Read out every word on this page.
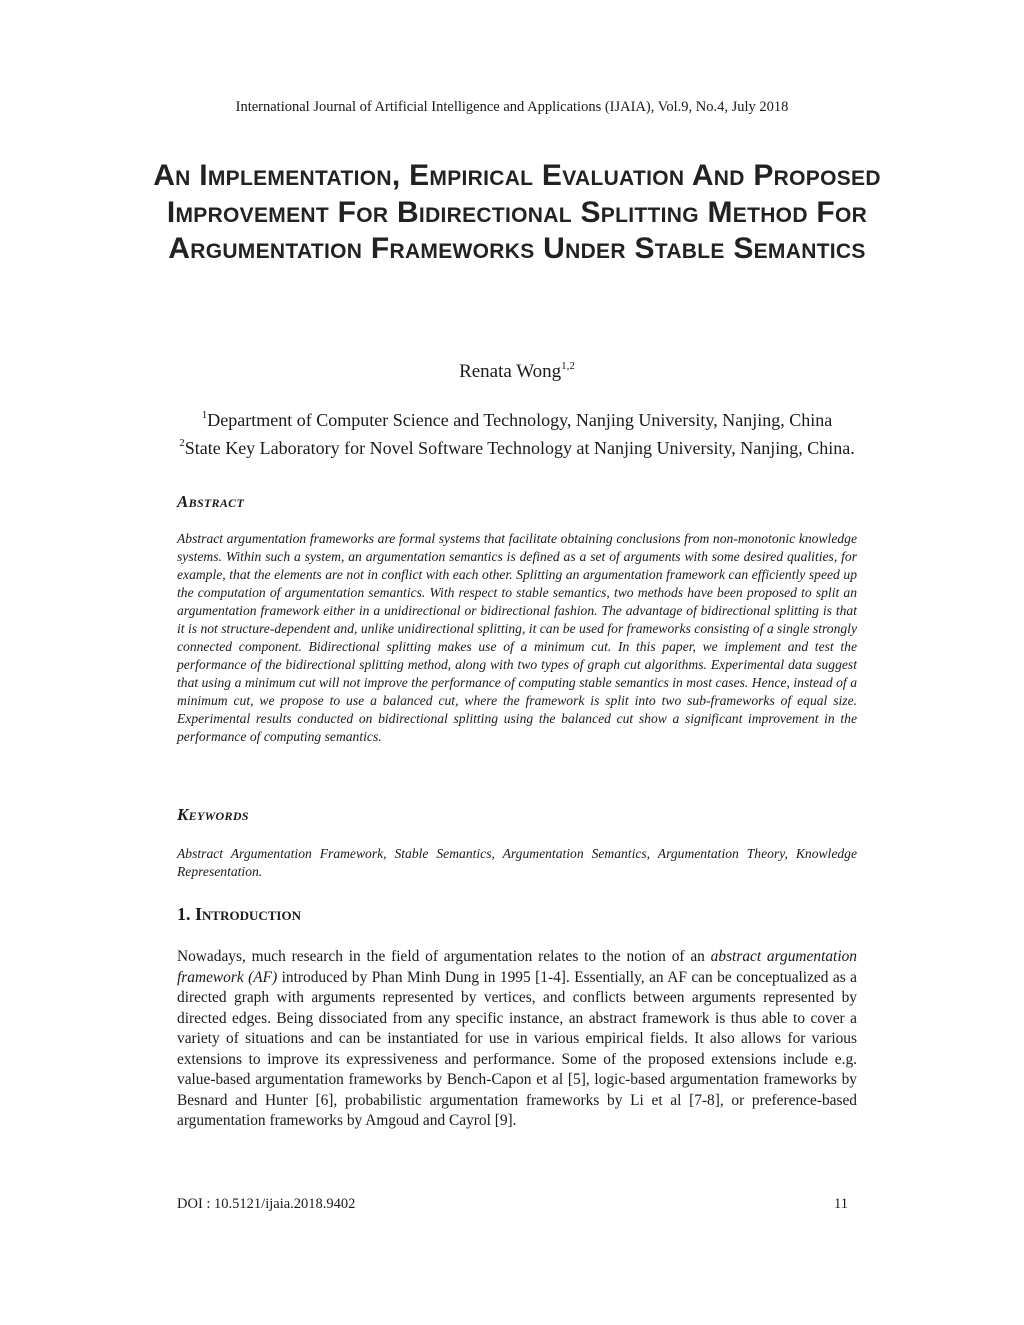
International Journal of Artificial Intelligence and Applications (IJAIA), Vol.9, No.4, July 2018
An Implementation, Empirical Evaluation And Proposed Improvement For Bidirectional Splitting Method For Argumentation Frameworks Under Stable Semantics
Renata Wong$^{1,2}$
$^1$Department of Computer Science and Technology, Nanjing University, Nanjing, China
$^2$State Key Laboratory for Novel Software Technology at Nanjing University, Nanjing, China.
Abstract
Abstract argumentation frameworks are formal systems that facilitate obtaining conclusions from non-monotonic knowledge systems. Within such a system, an argumentation semantics is defined as a set of arguments with some desired qualities, for example, that the elements are not in conflict with each other. Splitting an argumentation framework can efficiently speed up the computation of argumentation semantics. With respect to stable semantics, two methods have been proposed to split an argumentation framework either in a unidirectional or bidirectional fashion. The advantage of bidirectional splitting is that it is not structure-dependent and, unlike unidirectional splitting, it can be used for frameworks consisting of a single strongly connected component. Bidirectional splitting makes use of a minimum cut. In this paper, we implement and test the performance of the bidirectional splitting method, along with two types of graph cut algorithms. Experimental data suggest that using a minimum cut will not improve the performance of computing stable semantics in most cases. Hence, instead of a minimum cut, we propose to use a balanced cut, where the framework is split into two sub-frameworks of equal size. Experimental results conducted on bidirectional splitting using the balanced cut show a significant improvement in the performance of computing semantics.
Keywords
Abstract Argumentation Framework, Stable Semantics, Argumentation Semantics, Argumentation Theory, Knowledge Representation.
1. Introduction
Nowadays, much research in the field of argumentation relates to the notion of an abstract argumentation framework (AF) introduced by Phan Minh Dung in 1995 [1-4]. Essentially, an AF can be conceptualized as a directed graph with arguments represented by vertices, and conflicts between arguments represented by directed edges. Being dissociated from any specific instance, an abstract framework is thus able to cover a variety of situations and can be instantiated for use in various empirical fields. It also allows for various extensions to improve its expressiveness and performance. Some of the proposed extensions include e.g. value-based argumentation frameworks by Bench-Capon et al [5], logic-based argumentation frameworks by Besnard and Hunter [6], probabilistic argumentation frameworks by Li et al [7-8], or preference-based argumentation frameworks by Amgoud and Cayrol [9].
DOI : 10.5121/ijaia.2018.9402	11
